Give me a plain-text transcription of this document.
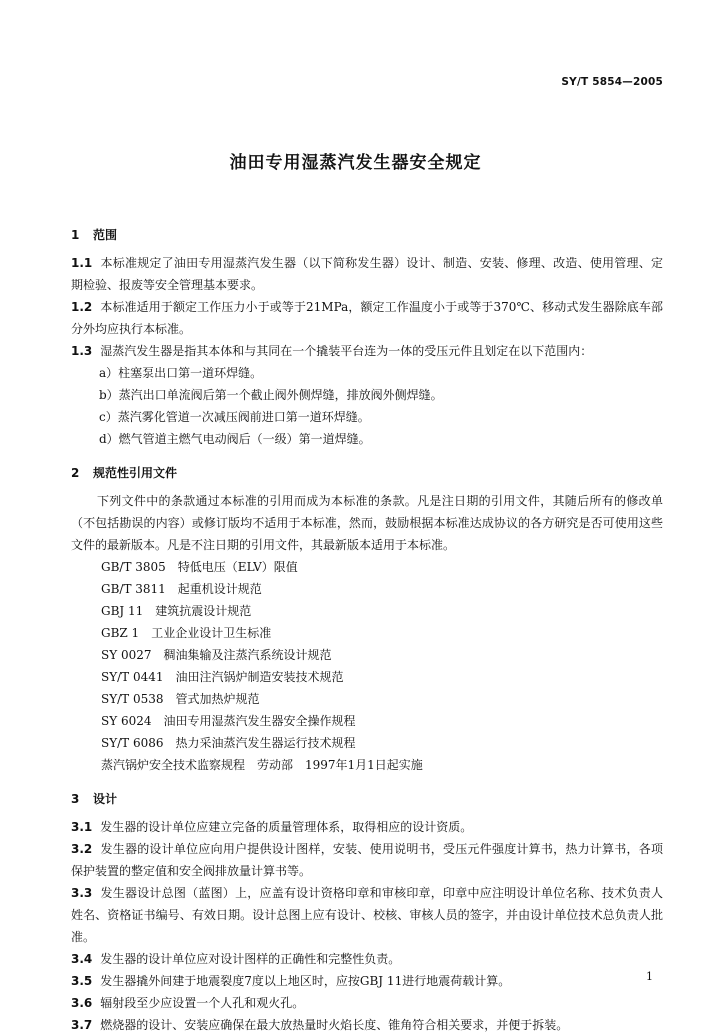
SY/T 5854—2005
油田专用湿蒸汽发生器安全规定
1 范围
1.1 本标准规定了油田专用湿蒸汽发生器（以下简称发生器）设计、制造、安装、修理、改造、使用管理、定期检验、报废等安全管理基本要求。
1.2 本标准适用于额定工作压力小于或等于21MPa，额定工作温度小于或等于370℃、移动式发生器除底车部分外均应执行本标准。
1.3 湿蒸汽发生器是指其本体和与其同在一个撬装平台连为一体的受压元件且划定在以下范围内：
a）柱塞泵出口第一道环焊缝。
b）蒸汽出口单流阀后第一个截止阀外侧焊缝，排放阀外侧焊缝。
c）蒸汽雾化管道一次减压阀前进口第一道环焊缝。
d）燃气管道主燃气电动阀后（一级）第一道焊缝。
2 规范性引用文件
下列文件中的条款通过本标准的引用而成为本标准的条款。凡是注日期的引用文件，其随后所有的修改单（不包括勘误的内容）或修订版均不适用于本标准，然而，鼓励根据本标准达成协议的各方研究是否可使用这些文件的最新版本。凡是不注日期的引用文件，其最新版本适用于本标准。
GB/T 3805　特低电压（ELV）限值
GB/T 3811　起重机设计规范
GBJ 11　建筑抗震设计规范
GBZ 1　工业企业设计卫生标准
SY 0027　稠油集输及注蒸汽系统设计规范
SY/T 0441　油田注汽锅炉制造安装技术规范
SY/T 0538　管式加热炉规范
SY 6024　油田专用湿蒸汽发生器安全操作规程
SY/T 6086　热力采油蒸汽发生器运行技术规程
蒸汽锅炉安全技术监察规程　劳动部　1997年1月1日起实施
3 设计
3.1 发生器的设计单位应建立完备的质量管理体系，取得相应的设计资质。
3.2 发生器的设计单位应向用户提供设计图样，安装、使用说明书，受压元件强度计算书，热力计算书，各项保护装置的整定值和安全阀排放量计算书等。
3.3 发生器设计总图（蓝图）上，应盖有设计资格印章和审核印章，印章中应注明设计单位名称、技术负责人姓名、资格证书编号、有效日期。设计总图上应有设计、校核、审核人员的签字，并由设计单位技术总负责人批准。
3.4 发生器的设计单位应对设计图样的正确性和完整性负责。
3.5 发生器撬外间建于地震裂度7度以上地区时，应按GBJ 11进行地震荷载计算。
3.6 辐射段至少应设置一个人孔和观火孔。
3.7 燃烧器的设计、安装应确保在最大放热量时火焰长度、锥角符合相关要求，并便于拆装。
1
